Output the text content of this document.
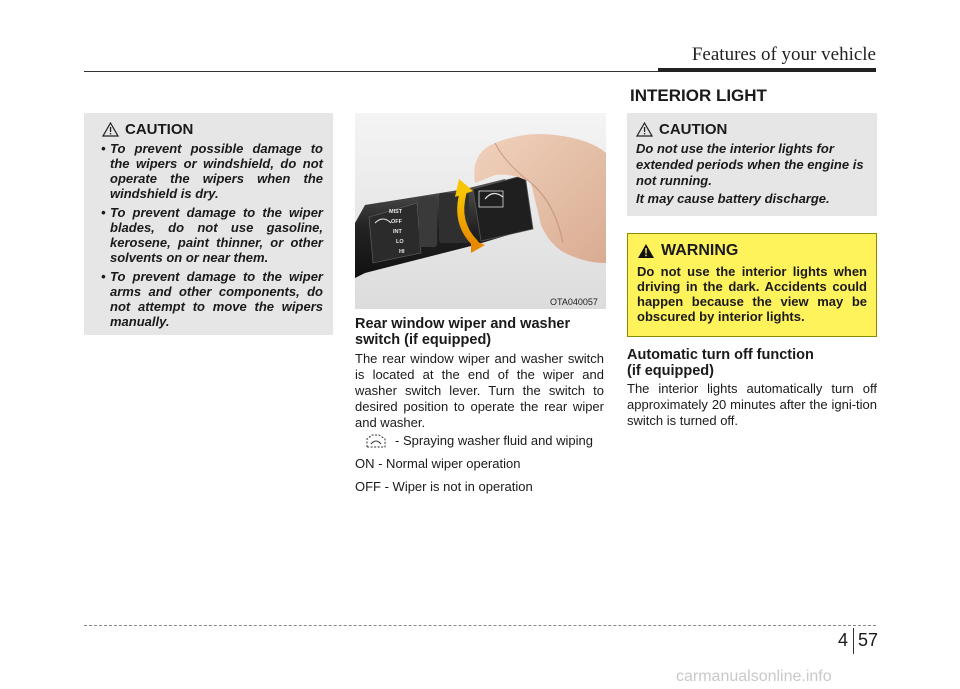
Features of your vehicle
CAUTION
• To prevent possible damage to the wipers or windshield, do not operate the wipers when the windshield is dry.
• To prevent damage to the wiper blades, do not use gasoline, kerosene, paint thinner, or other solvents on or near them.
• To prevent damage to the wiper arms and other components, do not attempt to move the wipers manually.
MIST
OFF
INT
LO
HI
OTA040057
Rear window wiper and washer
switch (if equipped)
The rear window wiper and washer switch is located at the end of the wiper and washer switch lever. Turn the switch to desired position to operate the rear wiper and washer.
- Spraying washer fluid and wiping
ON - Normal wiper operation
OFF - Wiper is not in operation
INTERIOR LIGHT
CAUTION

Do not use the interior lights for extended periods when the engine is not running.

It may cause battery discharge.

WARNING

Do not use the interior lights when driving in the dark. Accidents could happen because the view may be obscured by interior lights.

Automatic turn off function
(if equipped)
The interior lights automatically turn off approximately 20 minutes after the igni-tion switch is turned off.
4 57
carmanualsonline.info
